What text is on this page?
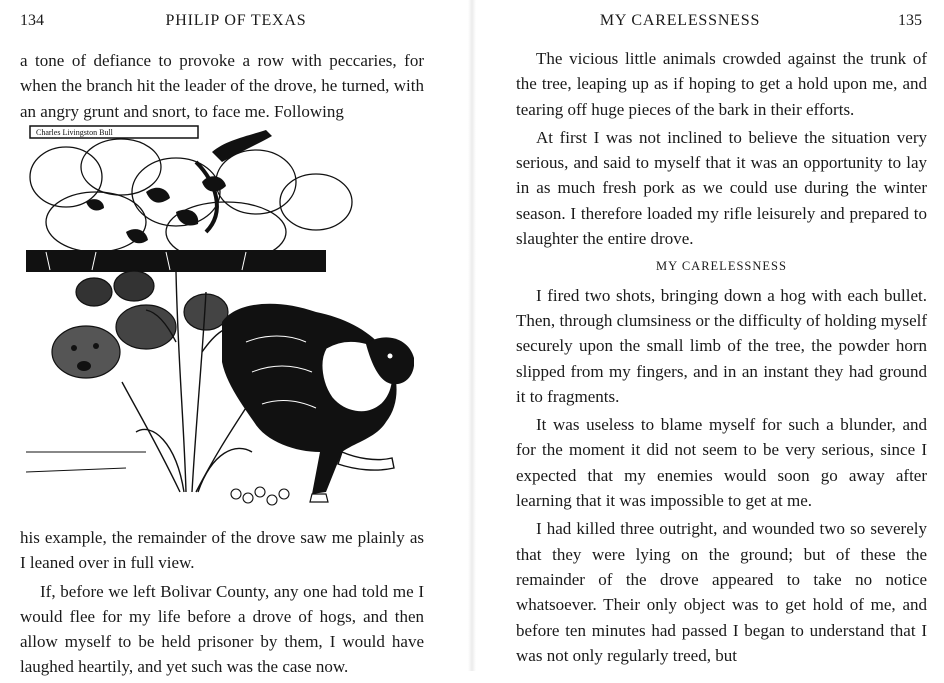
134	PHILIP OF TEXAS

a tone of defiance to provoke a row with peccaries, for when the branch hit the leader of the drove, he turned, with an angry grunt and snort, to face me. Following

Charles Livingston Bull

his example, the remainder of the drove saw me plainly as I leaned over in full view.

If, before we left Bolivar County, any one had told me I would flee for my life before a drove of hogs, and then allow myself to be held prisoner by them, I would have laughed heartily, and yet such was the case now.

135
MY CARELESSNESS

The vicious little animals crowded against the trunk of the tree, leaping up as if hoping to get a hold upon me, and tearing off huge pieces of the bark in their efforts.

At first I was not inclined to believe the situation very serious, and said to myself that it was an opportunity to lay in as much fresh pork as we could use during the winter season. I therefore loaded my rifle leisurely and prepared to slaughter the entire drove.

MY CARELESSNESS

I fired two shots, bringing down a hog with each bullet. Then, through clumsiness or the difficulty of holding myself securely upon the small limb of the tree, the powder horn slipped from my fingers, and in an instant they had ground it to fragments.

It was useless to blame myself for such a blunder, and for the moment it did not seem to be very serious, since I expected that my enemies would soon go away after learning that it was impossible to get at me.

I had killed three outright, and wounded two so severely that they were lying on the ground; but of these the remainder of the drove appeared to take no notice whatsoever. Their only object was to get hold of me, and before ten minutes had passed I began to understand that I was not only regularly treed, but
